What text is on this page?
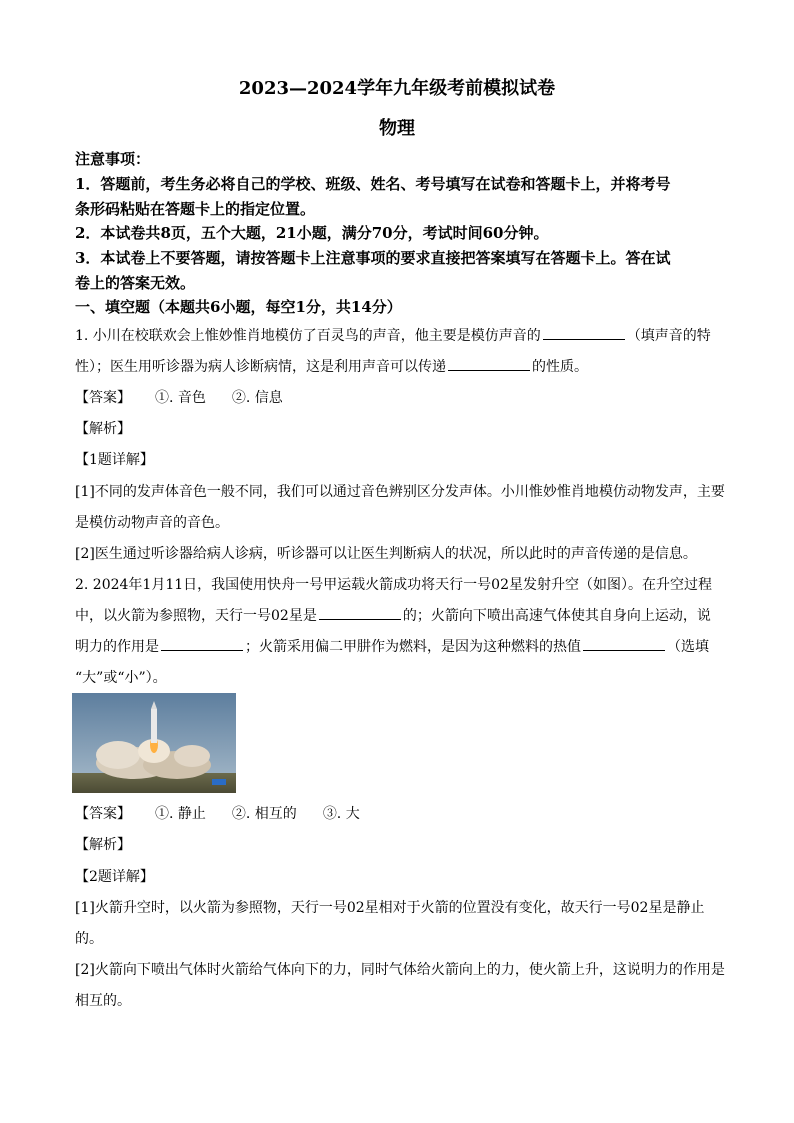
2023—2024学年九年级考前模拟试卷
物理
注意事项：
1．答题前，考生务必将自己的学校、班级、姓名、考号填写在试卷和答题卡上，并将考号
条形码粘贴在答题卡上的指定位置。
2．本试卷共8页，五个大题，21小题，满分70分，考试时间60分钟。
3．本试卷上不要答题，请按答题卡上注意事项的要求直接把答案填写在答题卡上。答在试
卷上的答案无效。
一、填空题（本题共6小题，每空1分，共14分）
1. 小川在校联欢会上惟妙惟肖地模仿了百灵鸟的声音，他主要是模仿声音的	（填声音的特
性）；医生用听诊器为病人诊断病情，这是利用声音可以传递	的性质。
【答案】 ①. 音色 ②. 信息
【解析】
【1题详解】
[1]不同的发声体音色一般不同，我们可以通过音色辨别区分发声体。小川惟妙惟肖地模仿动物发声，主要
是模仿动物声音的音色。
[2]医生通过听诊器给病人诊病，听诊器可以让医生判断病人的状况，所以此时的声音传递的是信息。
2. 2024年1月11日，我国使用快舟一号甲运载火箭成功将天行一号02星发射升空（如图）。在升空过程
中，以火箭为参照物，天行一号02星是	的；火箭向下喷出高速气体使其自身向上运动，说
明力的作用是	；火箭采用偏二甲肼作为燃料，是因为这种燃料的热值	（选填
“大”或“小”）。
【答案】 ①. 静止 ②. 相互的 ③. 大
【解析】
【2题详解】
[1]火箭升空时，以火箭为参照物，天行一号02星相对于火箭的位置没有变化，故天行一号02星是静止
的。
[2]火箭向下喷出气体时火箭给气体向下的力，同时气体给火箭向上的力，使火箭上升，这说明力的作用是
相互的。
